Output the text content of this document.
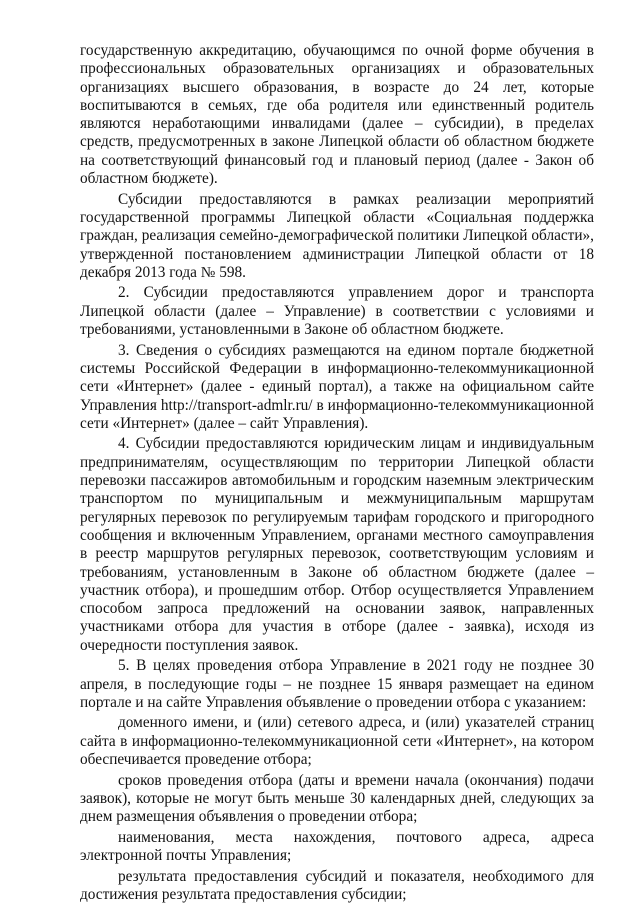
государственную аккредитацию, обучающимся по очной форме обучения в профессиональных образовательных организациях и образовательных организациях высшего образования, в возрасте до 24 лет, которые воспитываются в семьях, где оба родителя или единственный родитель являются неработающими инвалидами (далее – субсидии), в пределах средств, предусмотренных в законе Липецкой области об областном бюджете на соответствующий финансовый год и плановый период (далее - Закон об областном бюджете).

Субсидии предоставляются в рамках реализации мероприятий государственной программы Липецкой области «Социальная поддержка граждан, реализация семейно-демографической политики Липецкой области», утвержденной постановлением администрации Липецкой области от 18 декабря 2013 года № 598.

2. Субсидии предоставляются управлением дорог и транспорта Липецкой области (далее – Управление) в соответствии с условиями и требованиями, установленными в Законе об областном бюджете.

3. Сведения о субсидиях размещаются на едином портале бюджетной системы Российской Федерации в информационно-телекоммуникационной сети «Интернет» (далее - единый портал), а также на официальном сайте Управления http://transport-admlr.ru/ в информационно-телекоммуникационной сети «Интернет» (далее – сайт Управления).

4. Субсидии предоставляются юридическим лицам и индивидуальным предпринимателям, осуществляющим по территории Липецкой области перевозки пассажиров автомобильным и городским наземным электрическим транспортом по муниципальным и межмуниципальным маршрутам регулярных перевозок по регулируемым тарифам городского и пригородного сообщения и включенным Управлением, органами местного самоуправления в реестр маршрутов регулярных перевозок, соответствующим условиям и требованиям, установленным в Законе об областном бюджете (далее – участник отбора), и прошедшим отбор. Отбор осуществляется Управлением способом запроса предложений на основании заявок, направленных участниками отбора для участия в отборе (далее - заявка), исходя из очередности поступления заявок.

5. В целях проведения отбора Управление в 2021 году не позднее 30 апреля, в последующие годы – не позднее 15 января размещает на едином портале и на сайте Управления объявление о проведении отбора с указанием:

доменного имени, и (или) сетевого адреса, и (или) указателей страниц сайта в информационно-телекоммуникационной сети «Интернет», на котором обеспечивается проведение отбора;

сроков проведения отбора (даты и времени начала (окончания) подачи заявок), которые не могут быть меньше 30 календарных дней, следующих за днем размещения объявления о проведении отбора;

наименования, места нахождения, почтового адреса, адреса электронной почты Управления;

результата предоставления субсидий и показателя, необходимого для достижения результата предоставления субсидии;
